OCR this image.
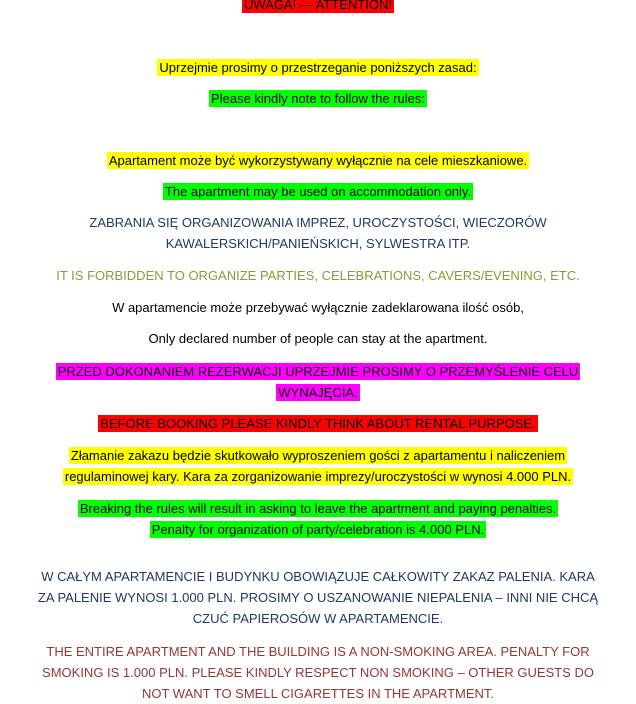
UWAGA! — ATTENTION!
Uprzejmie prosimy o przestrzeganie poniższych zasad:
Please kindly note to follow the rules:
Apartament może być wykorzystywany wyłącznie na cele mieszkaniowe.
The apartment may be used on accommodation only.
ZABRANIA SIĘ ORGANIZOWANIA IMPREZ, UROCZYSTOŚCI, WIECZORÓW
KAWALERSKICH/PANIEŃSKICH, SYLWESTRA ITP.
IT IS FORBIDDEN TO ORGANIZE PARTIES, CELEBRATIONS, CAVERS/EVENING, ETC.
W apartamencie może przebywać wyłącznie zadeklarowana ilość osób,
Only declared number of people can stay at the apartment.
PRZED DOKONANIEM REZERWACJI UPRZEJMIE PROSIMY O PRZEMYŚLENIE CELU
WYNAJĘCIA.
BEFORE BOOKING PLEASE KINDLY THINK ABOUT RENTAL PURPOSE.
Złamanie zakazu będzie skutkowało wyproszeniem gości z apartamentu i naliczeniem
regulaminowej kary. Kara za zorganizowanie imprezy/uroczystości w wynosi 4.000 PLN.
Breaking the rules will result in asking to leave the apartment and paying penalties.
Penalty for organization of party/celebration is 4.000 PLN.
W CAŁYM APARTAMENCIE I BUDYNKU OBOWIĄZUJE CAŁKOWITY ZAKAZ PALENIA. KARA
ZA PALENIE WYNOSI 1.000 PLN. PROSIMY O USZANOWANIE NIEPALENIA – INNI NIE CHCĄ
CZUĆ PAPIEROSÓW W APARTAMENCIE.
THE ENTIRE APARTMENT AND THE BUILDING IS A NON-SMOKING AREA. PENALTY FOR
SMOKING IS 1.000 PLN. PLEASE KINDLY RESPECT NON SMOKING – OTHER GUESTS DO
NOT WANT TO SMELL CIGARETTES IN THE APARTMENT.
